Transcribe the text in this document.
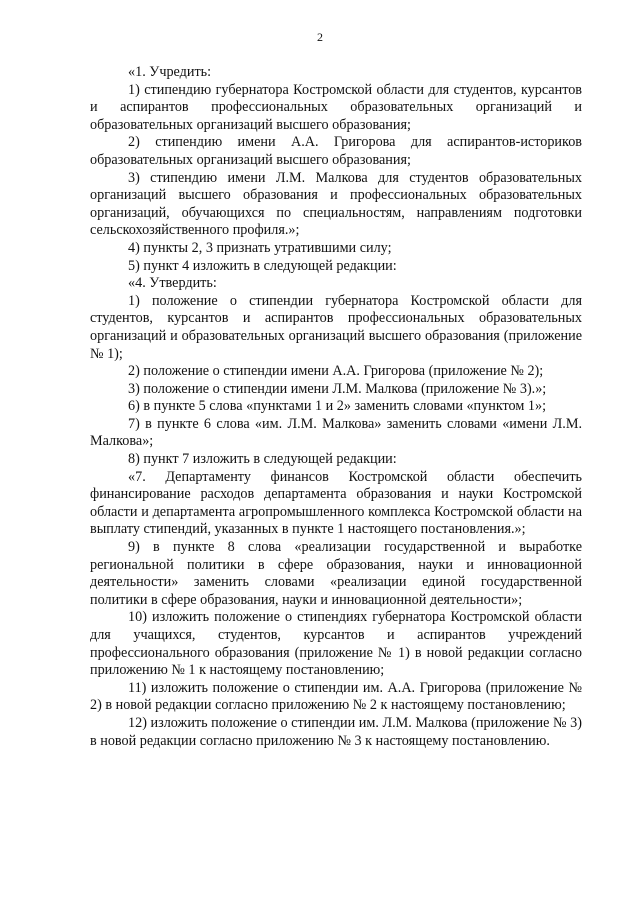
2

«1. Учредить:

1) стипендию губернатора Костромской области для студентов, курсантов и аспирантов профессиональных образовательных организаций и образовательных организаций высшего образования;

2) стипендию имени А.А. Григорова для аспирантов-историков образовательных организаций высшего образования;

3) стипендию имени Л.М. Малкова для студентов образовательных организаций высшего образования и профессиональных образовательных организаций, обучающихся по специальностям, направлениям подготовки сельскохозяйственного профиля.»;

4) пункты 2, 3 признать утратившими силу;

5) пункт 4 изложить в следующей редакции:

«4. Утвердить:

1) положение о стипендии губернатора Костромской области для студентов, курсантов и аспирантов профессиональных образовательных организаций и образовательных организаций высшего образования (приложение № 1);

2) положение о стипендии имени А.А. Григорова (приложение № 2);

3) положение о стипендии имени Л.М. Малкова (приложение № 3).»;

6) в пункте 5 слова «пунктами 1 и 2» заменить словами «пунктом 1»;

7) в пункте 6 слова «им. Л.М. Малкова» заменить словами «имени Л.М. Малкова»;

8) пункт 7 изложить в следующей редакции:

«7. Департаменту финансов Костромской области обеспечить финансирование расходов департамента образования и науки Костромской области и департамента агропромышленного комплекса Костромской области на выплату стипендий, указанных в пункте 1 настоящего постановления.»;

9) в пункте 8 слова «реализации государственной и выработке региональной политики в сфере образования, науки и инновационной деятельности» заменить словами «реализации единой государственной политики в сфере образования, науки и инновационной деятельности»;

10) изложить положение о стипендиях губернатора Костромской области для учащихся, студентов, курсантов и аспирантов учреждений профессионального образования (приложение № 1) в новой редакции согласно приложению № 1 к настоящему постановлению;

11) изложить положение о стипендии им. А.А. Григорова (приложение № 2) в новой редакции согласно приложению № 2 к настоящему постановлению;

12) изложить положение о стипендии им. Л.М. Малкова (приложение № 3) в новой редакции согласно приложению № 3 к настоящему постановлению.
